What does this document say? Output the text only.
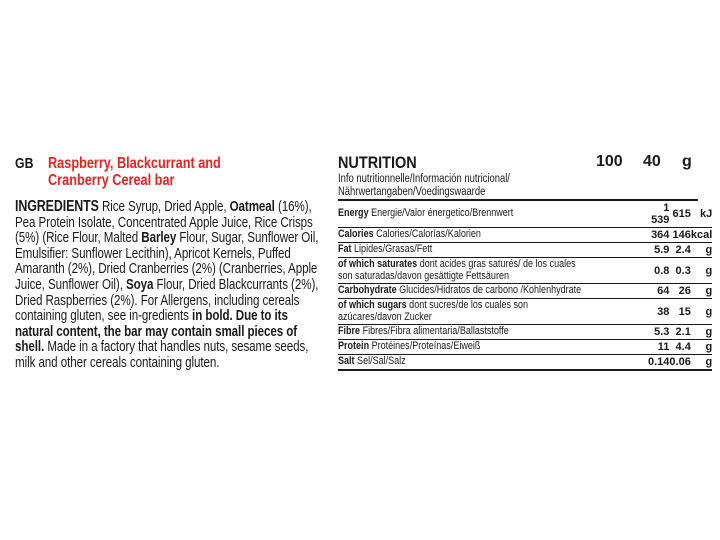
GB Raspberry, Blackcurrant and Cranberry Cereal bar
INGREDIENTS Rice Syrup, Dried Apple, Oatmeal (16%), Pea Protein Isolate, Concentrated Apple Juice, Rice Crisps (5%) (Rice Flour, Malted Barley Flour, Sugar, Sunflower Oil, Emulsifier: Sunflower Lecithin), Apricot Kernels, Puffed Amaranth (2%), Dried Cranberries (2%) (Cranberries, Apple Juice, Sunflower Oil), Soya Flour, Dried Blackcurrants (2%), Dried Raspberries (2%). For Allergens, including cereals containing gluten, see in-gredients in bold. Due to its natural content, the bar may contain small pieces of shell. Made in a factory that handles nuts, sesame seeds, milk and other cereals containing gluten.
NUTRITION	100 40 g
Info nutritionnelle/Información nutricional/ Nährwertangaben/Voedingswaarde
Energy Energie/Valor énergetico/Brennwert	1 539	615	kJ

Calories Calories/Calorías/Kalorien	364	146	kcal

Fat Lipides/Grasas/Fett	5.9	2.4	g

of which saturates dont acides gras saturés/ de los cuales son saturadas/davon gesättigte Fettsäuren	0.8	0.3	g

Carbohydrate Glucides/Hidratos de carbono /Kohlenhydrate	64	26	g

of which sugars dont sucres/de los cuales son azúcares/davon Zucker	38	15	g

Fibre Fibres/Fibra alimentaria/Ballaststoffe	5.3	2.1	g

Protein Protéines/Proteínas/Eiweiß	11	4.4	g

Salt Sel/Sal/Salz	0.14	0.06	g
